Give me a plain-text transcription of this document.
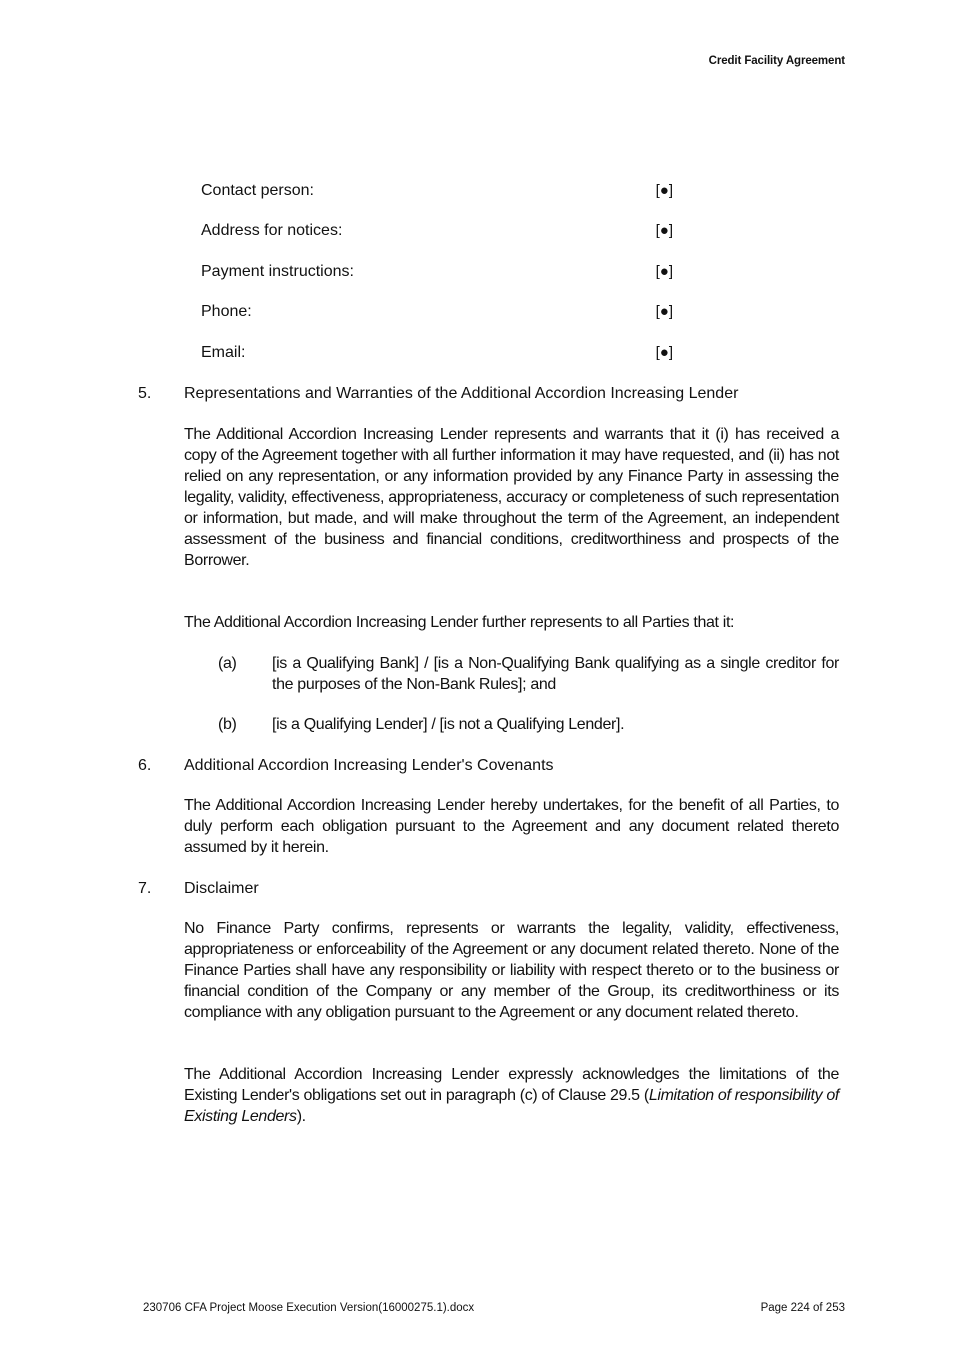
Credit Facility Agreement
Contact person:	[●]
Address for notices:	[●]
Payment instructions:	[●]
Phone:	[●]
Email:	[●]
5.	Representations and Warranties of the Additional Accordion Increasing Lender
The Additional Accordion Increasing Lender represents and warrants that it (i) has received a copy of the Agreement together with all further information it may have requested, and (ii) has not relied on any representation, or any information provided by any Finance Party in assessing the legality, validity, effectiveness, appropriateness, accuracy or completeness of such representation or information, but made, and will make throughout the term of the Agreement, an independent assessment of the business and financial conditions, creditworthiness and prospects of the Borrower.
The Additional Accordion Increasing Lender further represents to all Parties that it:
(a)	[is a Qualifying Bank] / [is a Non-Qualifying Bank qualifying as a single creditor for the purposes of the Non-Bank Rules]; and
(b)	[is a Qualifying Lender] / [is not a Qualifying Lender].
6.	Additional Accordion Increasing Lender's Covenants
The Additional Accordion Increasing Lender hereby undertakes, for the benefit of all Parties, to duly perform each obligation pursuant to the Agreement and any document related thereto assumed by it herein.
7.	Disclaimer
No Finance Party confirms, represents or warrants the legality, validity, effectiveness, appropriateness or enforceability of the Agreement or any document related thereto. None of the Finance Parties shall have any responsibility or liability with respect thereto or to the business or financial condition of the Company or any member of the Group, its creditworthiness or its compliance with any obligation pursuant to the Agreement or any document related thereto.
The Additional Accordion Increasing Lender expressly acknowledges the limitations of the Existing Lender's obligations set out in paragraph (c) of Clause 29.5 (Limitation of responsibility of Existing Lenders).
230706 CFA Project Moose Execution Version(16000275.1).docx	Page 224 of 253
